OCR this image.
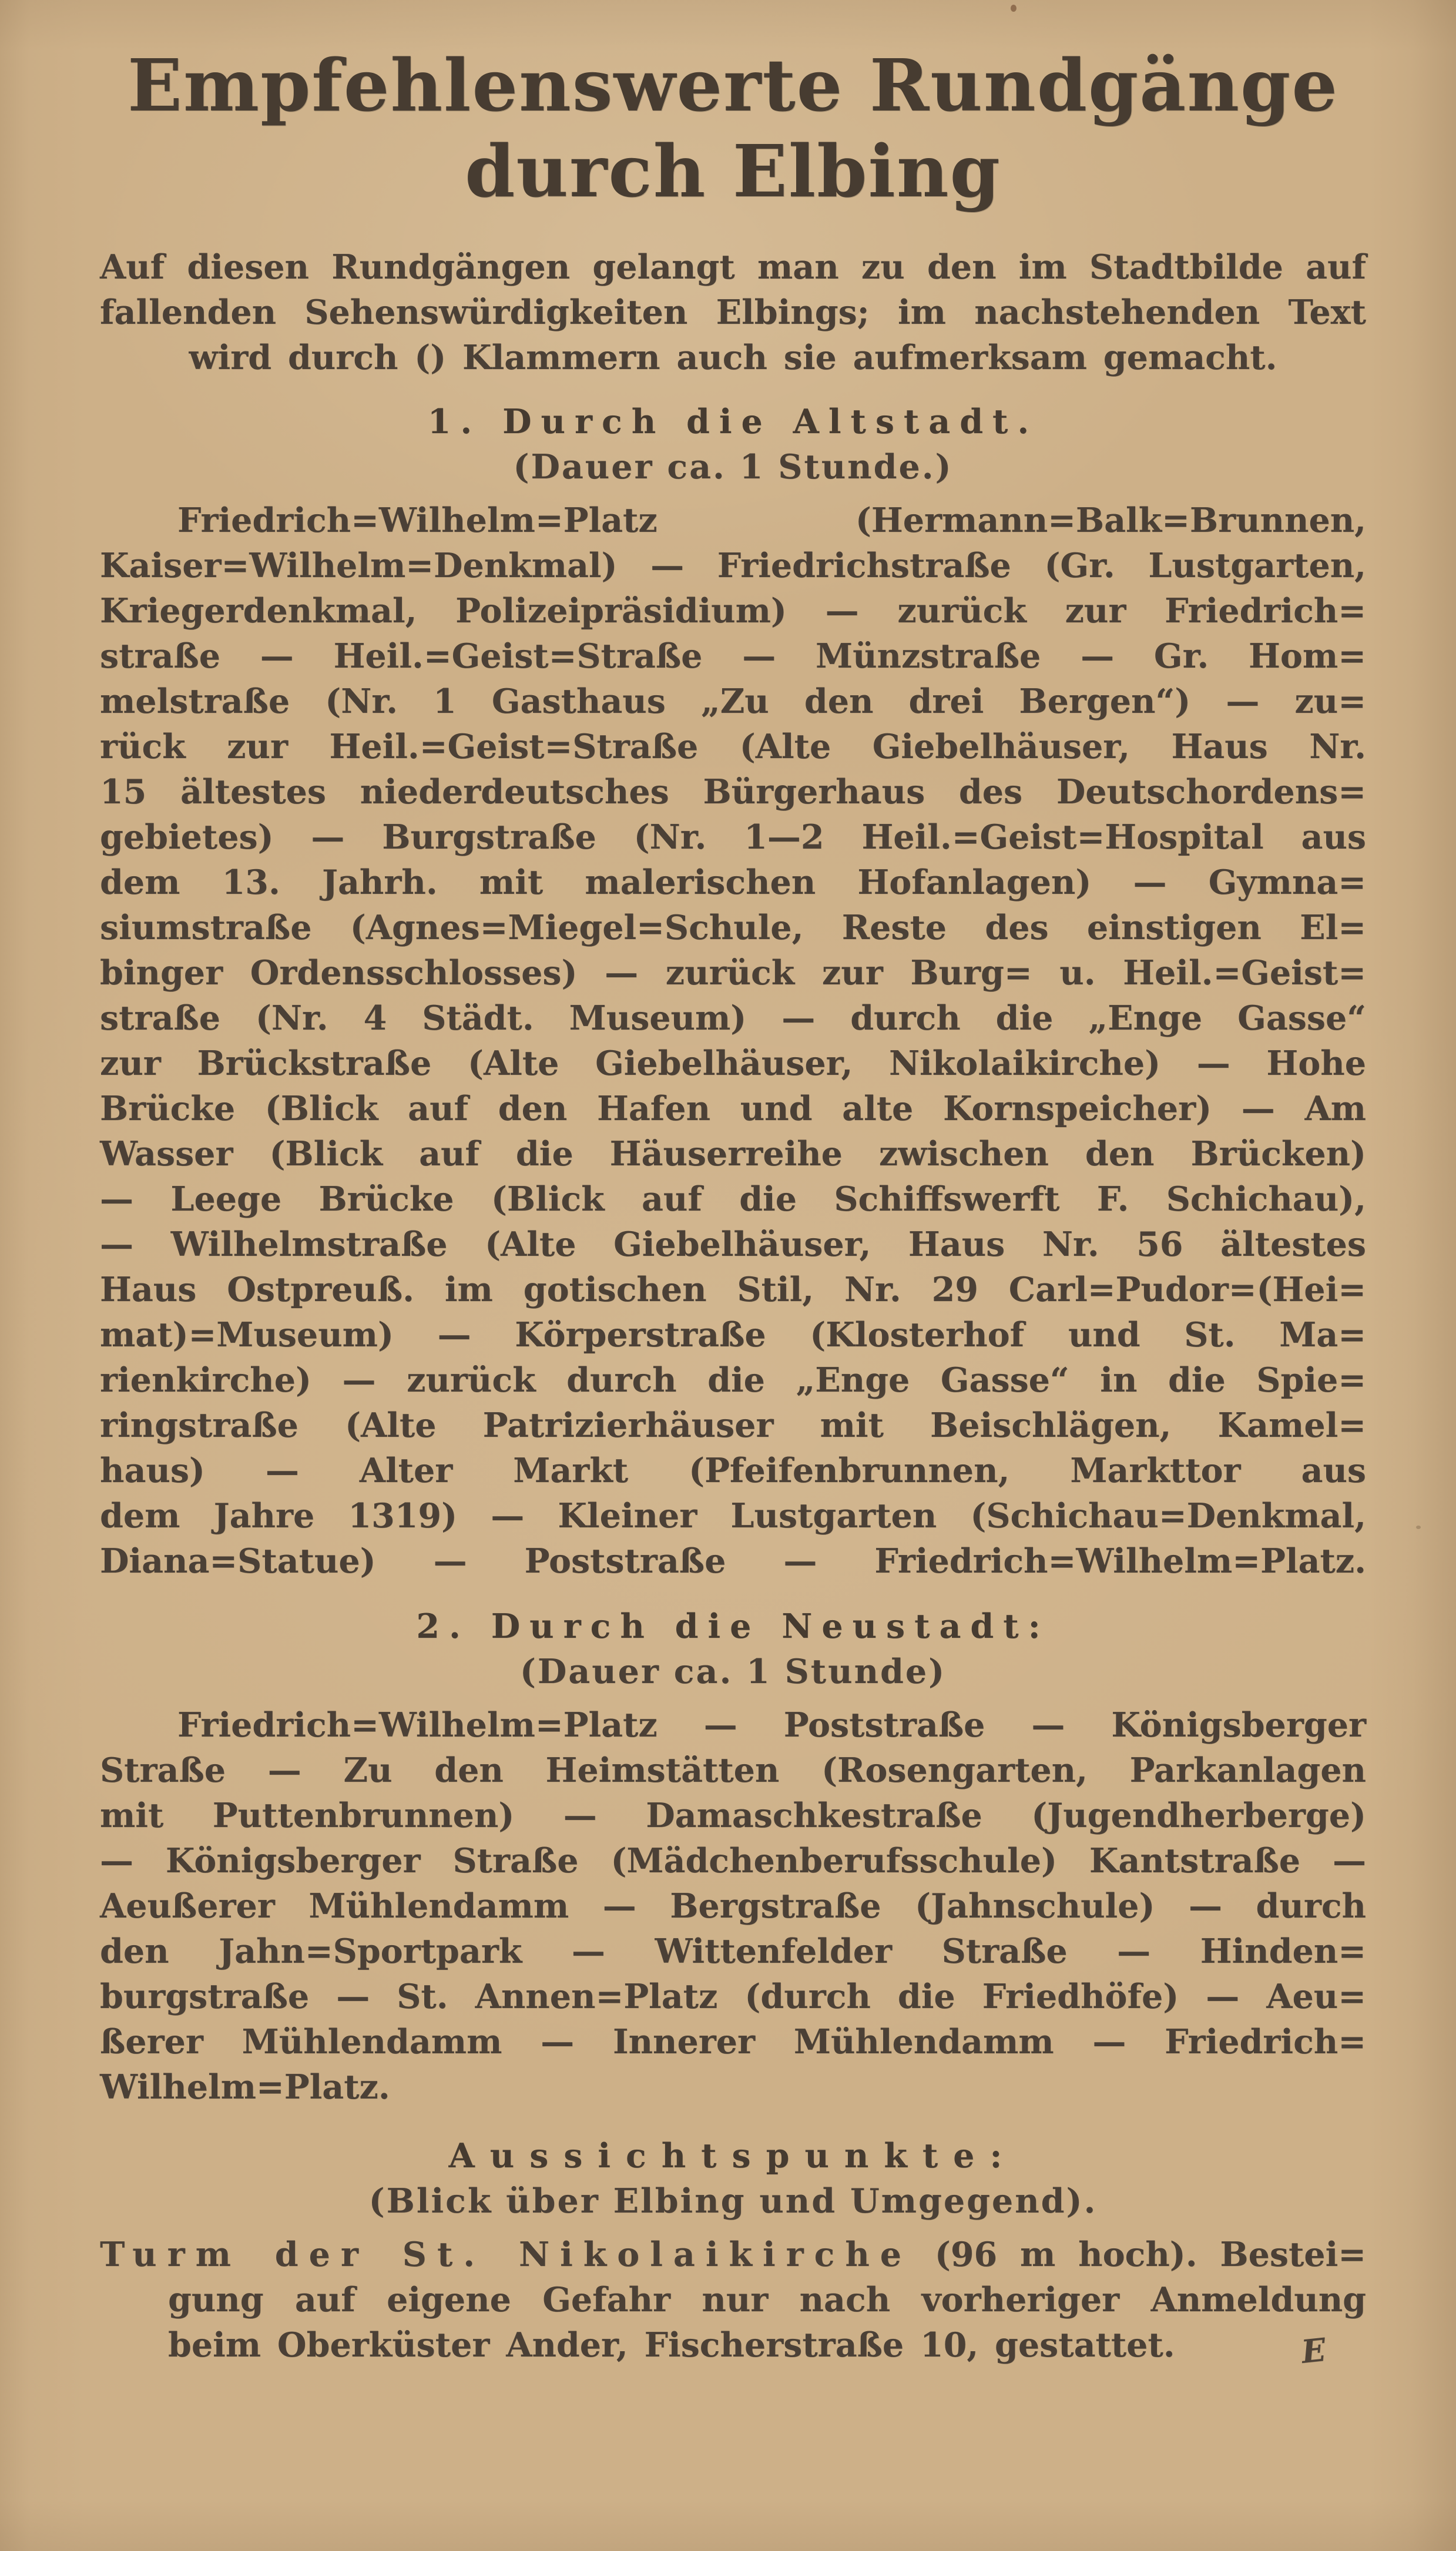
Empfehlenswerte Rundgänge
durch Elbing
Auf diesen Rundgängen gelangt man zu den im Stadtbilde auf
fallenden Sehenswürdigkeiten Elbings; im nachstehenden Text
wird durch () Klammern auch sie aufmerksam gemacht.
1. Durch die Altstadt.
(Dauer ca. 1 Stunde.)
Friedrich=Wilhelm=Platz (Hermann=Balk=Brunnen,
Kaiser=Wilhelm=Denkmal) — Friedrichstraße (Gr. Lustgarten,
Kriegerdenkmal, Polizeipräsidium) — zurück zur Friedrich=
straße — Heil.=Geist=Straße — Münzstraße — Gr. Hom=
melstraße (Nr. 1 Gasthaus „Zu den drei Bergen“) — zu=
rück zur Heil.=Geist=Straße (Alte Giebelhäuser, Haus Nr.
15 ältestes niederdeutsches Bürgerhaus des Deutschordens=
gebietes) — Burgstraße (Nr. 1—2 Heil.=Geist=Hospital aus
dem 13. Jahrh. mit malerischen Hofanlagen) — Gymna=
siumstraße (Agnes=Miegel=Schule, Reste des einstigen El=
binger Ordensschlosses) — zurück zur Burg= u. Heil.=Geist=
straße (Nr. 4 Städt. Museum) — durch die „Enge Gasse“
zur Brückstraße (Alte Giebelhäuser, Nikolaikirche) — Hohe
Brücke (Blick auf den Hafen und alte Kornspeicher) — Am
Wasser (Blick auf die Häuserreihe zwischen den Brücken)
— Leege Brücke (Blick auf die Schiffswerft F. Schichau),
— Wilhelmstraße (Alte Giebelhäuser, Haus Nr. 56 ältestes
Haus Ostpreuß. im gotischen Stil, Nr. 29 Carl=Pudor=(Hei=
mat)=Museum) — Körperstraße (Klosterhof und St. Ma=
rienkirche) — zurück durch die „Enge Gasse“ in die Spie=
ringstraße (Alte Patrizierhäuser mit Beischlägen, Kamel=
haus) — Alter Markt (Pfeifenbrunnen, Markttor aus
dem Jahre 1319) — Kleiner Lustgarten (Schichau=Denkmal,
Diana=Statue) — Poststraße — Friedrich=Wilhelm=Platz.
2. Durch die Neustadt:
(Dauer ca. 1 Stunde)
Friedrich=Wilhelm=Platz — Poststraße — Königsberger
Straße — Zu den Heimstätten (Rosengarten, Parkanlagen
mit Puttenbrunnen) — Damaschkestraße (Jugendherberge)
— Königsberger Straße (Mädchenberufsschule) Kantstraße —
Aeußerer Mühlendamm — Bergstraße (Jahnschule) — durch
den Jahn=Sportpark — Wittenfelder Straße — Hinden=
burgstraße — St. Annen=Platz (durch die Friedhöfe) — Aeu=
ßerer Mühlendamm — Innerer Mühlendamm — Friedrich=
Wilhelm=Platz.
Aussichtspunkte:
(Blick über Elbing und Umgegend).
Turm der St. Nikolaikirche (96 m hoch). Bestei=
gung auf eigene Gefahr nur nach vorheriger Anmeldung
beim Oberküster Ander, Fischerstraße 10, gestattet.	E
